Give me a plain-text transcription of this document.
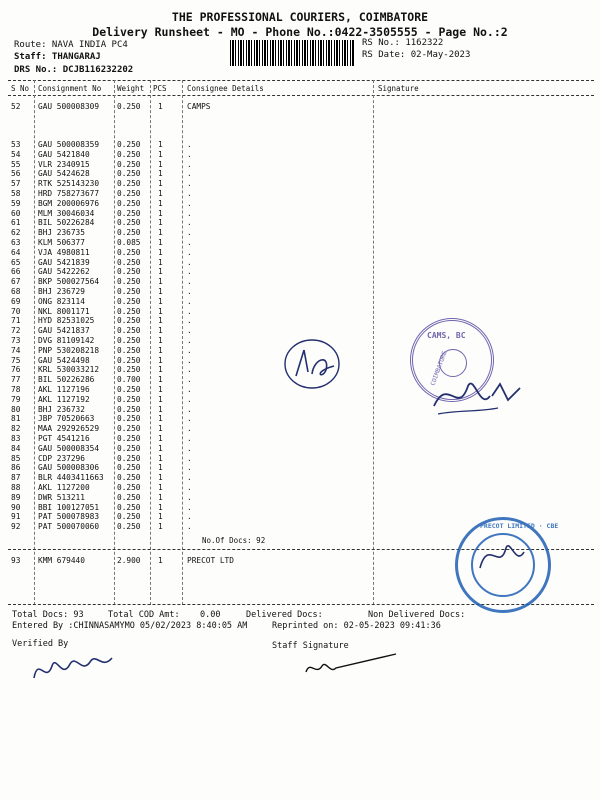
THE PROFESSIONAL COURIERS, COIMBATORE
Delivery Runsheet - MO - Phone No.:0422-3505555 - Page No.:2
Route: NAVA INDIA PC4
Staff: THANGARAJ
DRS No.: DCJB116232202
RS No.: 1162322
RS Date: 02-May-2023
S No Consignment No Weight PCS	Consignee Details	Signature
52 GAU 500008309 0.250 1	CAMPS
53 GAU 500008359 0.250 1	.
54 GAU 5421840	0.250 1	.
55 VLR 2340915	0.250 1	.
56 GAU 5424628	0.250 1	.
57 RTK 525143230 0.250 1	.
58 HRD 758273677 0.250 1	.
59 BGM 200006976 0.250 1	.
60 MLM 30046034	0.250 1	.
61 BIL 50226284	0.250 1	.
62 BHJ 236735	0.250 1	.
63 KLM 506377	0.085 1	.
64 VJA 4980811	0.250 1	.
65 GAU 5421839	0.250 1	.
66 GAU 5422262	0.250 1	.
67 BKP 500027564 0.250 1	.
68 BHJ 236729	0.250 1	.
69 ONG 823114	0.250 1	.
70 NKL 8001171	0.250 1	.
71 HYD 82531025	0.250 1	.
72 GAU 5421837	0.250 1	.
73 DVG 81109142	0.250 1	.
74 PNP 530208218 0.250 1	.
75 GAU 5424498	0.250 1	.
76 KRL 530033212 0.250 1	.
77 BIL 50226286	0.700 1	.
78 AKL 1127196	0.250 1	.
79 AKL 1127192	0.250 1	.
80 BHJ 236732	0.250 1	.
81 JBP 70520663	0.250 1	.
82 MAA 292926529 0.250 1	.
83 PGT 4541216	0.250 1	.
84 GAU 500008354 0.250 1	.
85 CDP 237296	0.250 1	.
86 GAU 500008306 0.250 1	.
87 BLR 4403411663 0.250 1	.
88 AKL 1127200	0.250 1	.
89 DWR 513211	0.250 1	.
90 BBI 100127051 0.250 1	.
91 PAT 500078983 0.250 1	.
92 PAT 500070060 0.250 1	.
No.Of Docs: 92
93 KMM 679440	2.900 1	PRECOT LTD
Total Docs: 93	Total COD Amt: 0.00	Delivered Docs:	Non Delivered Docs:
Entered By :CHINNASAMYMO 05/02/2023 8:40:05 AM	Reprinted on: 02-05-2023 09:41:36
Verified By	Staff Signature
CAMS, BC
COIMBATORE
PRECOT LIMITED · CBE
